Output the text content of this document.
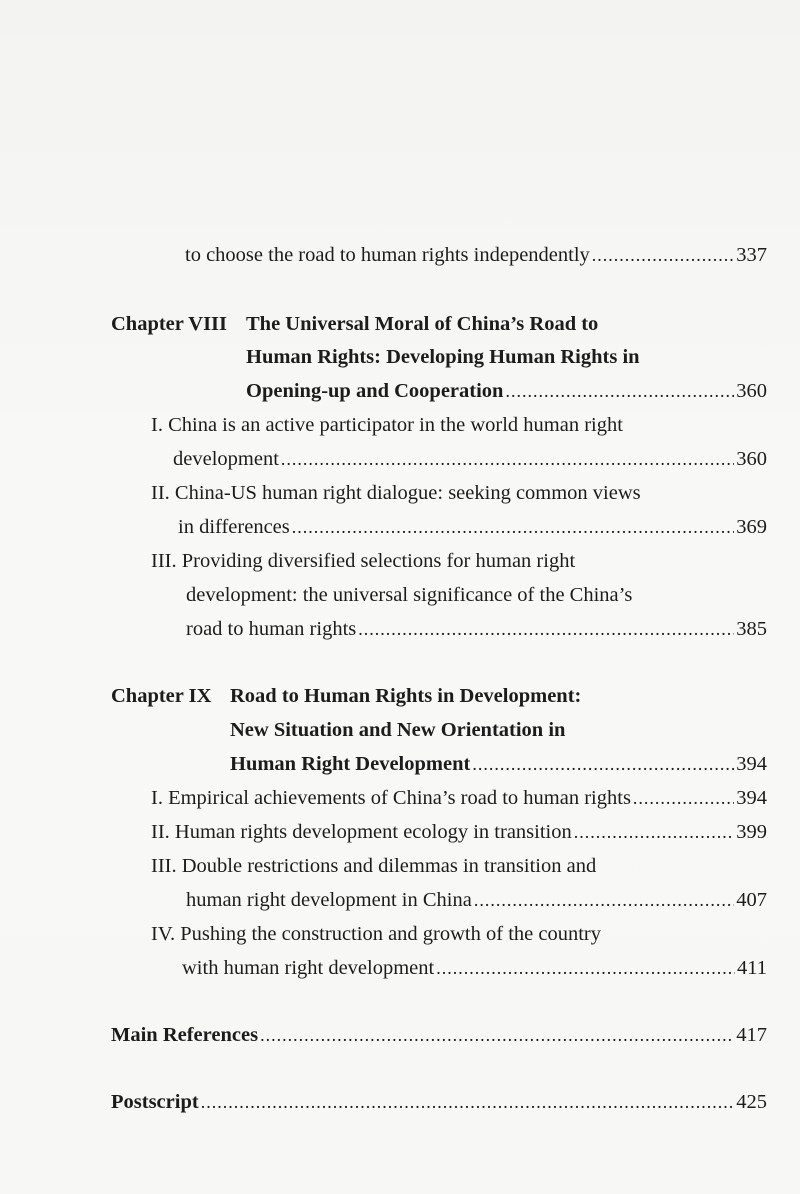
to choose the road to human rights independently .....	337
Chapter VIII The Universal Moral of China’s Road to
Human Rights: Developing Human Rights in
Opening-up and Cooperation .....	360
I. China is an active participator in the world human right
development .....	360
II. China-US human right dialogue: seeking common views
in differences .....	369
III. Providing diversified selections for human right
development: the universal significance of the China’s
road to human rights .....	385
Chapter IX Road to Human Rights in Development:
New Situation and New Orientation in
Human Right Development .....	394
I. Empirical achievements of China’s road to human rights .....	394
II. Human rights development ecology in transition .....	399
III. Double restrictions and dilemmas in transition and
human right development in China .....	407
IV. Pushing the construction and growth of the country
with human right development .....	411
Main References .....	417
Postscript .....	425
